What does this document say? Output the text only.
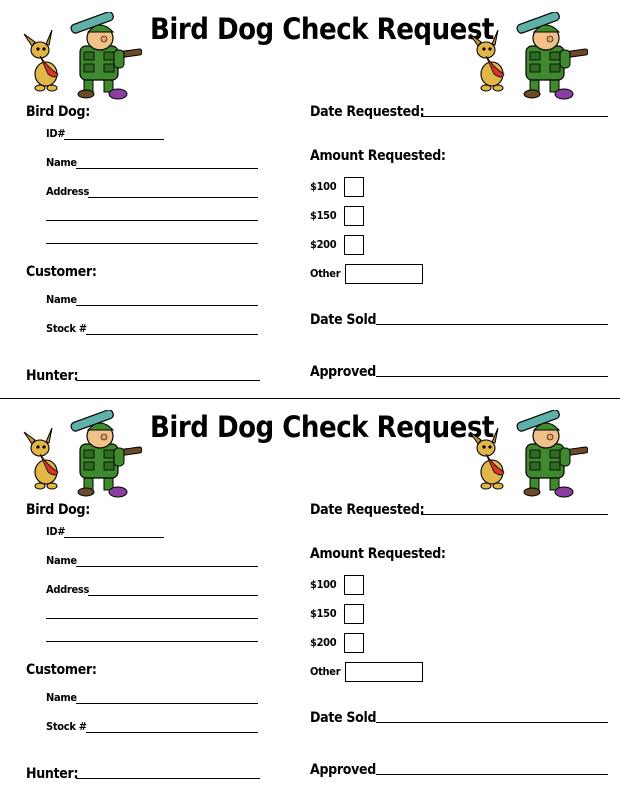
Bird Dog Check Request
Bird Dog:
ID#
Name
Address
Customer:
Name
Stock #
Hunter:
Date Requested:
Amount Requested:
$100
$150
$200
Other
Date Sold
Approved
Bird Dog Check Request
Bird Dog:
ID#
Name
Address
Customer:
Name
Stock #
Hunter:
Date Requested:
Amount Requested:
$100
$150
$200
Other
Date Sold
Approved
